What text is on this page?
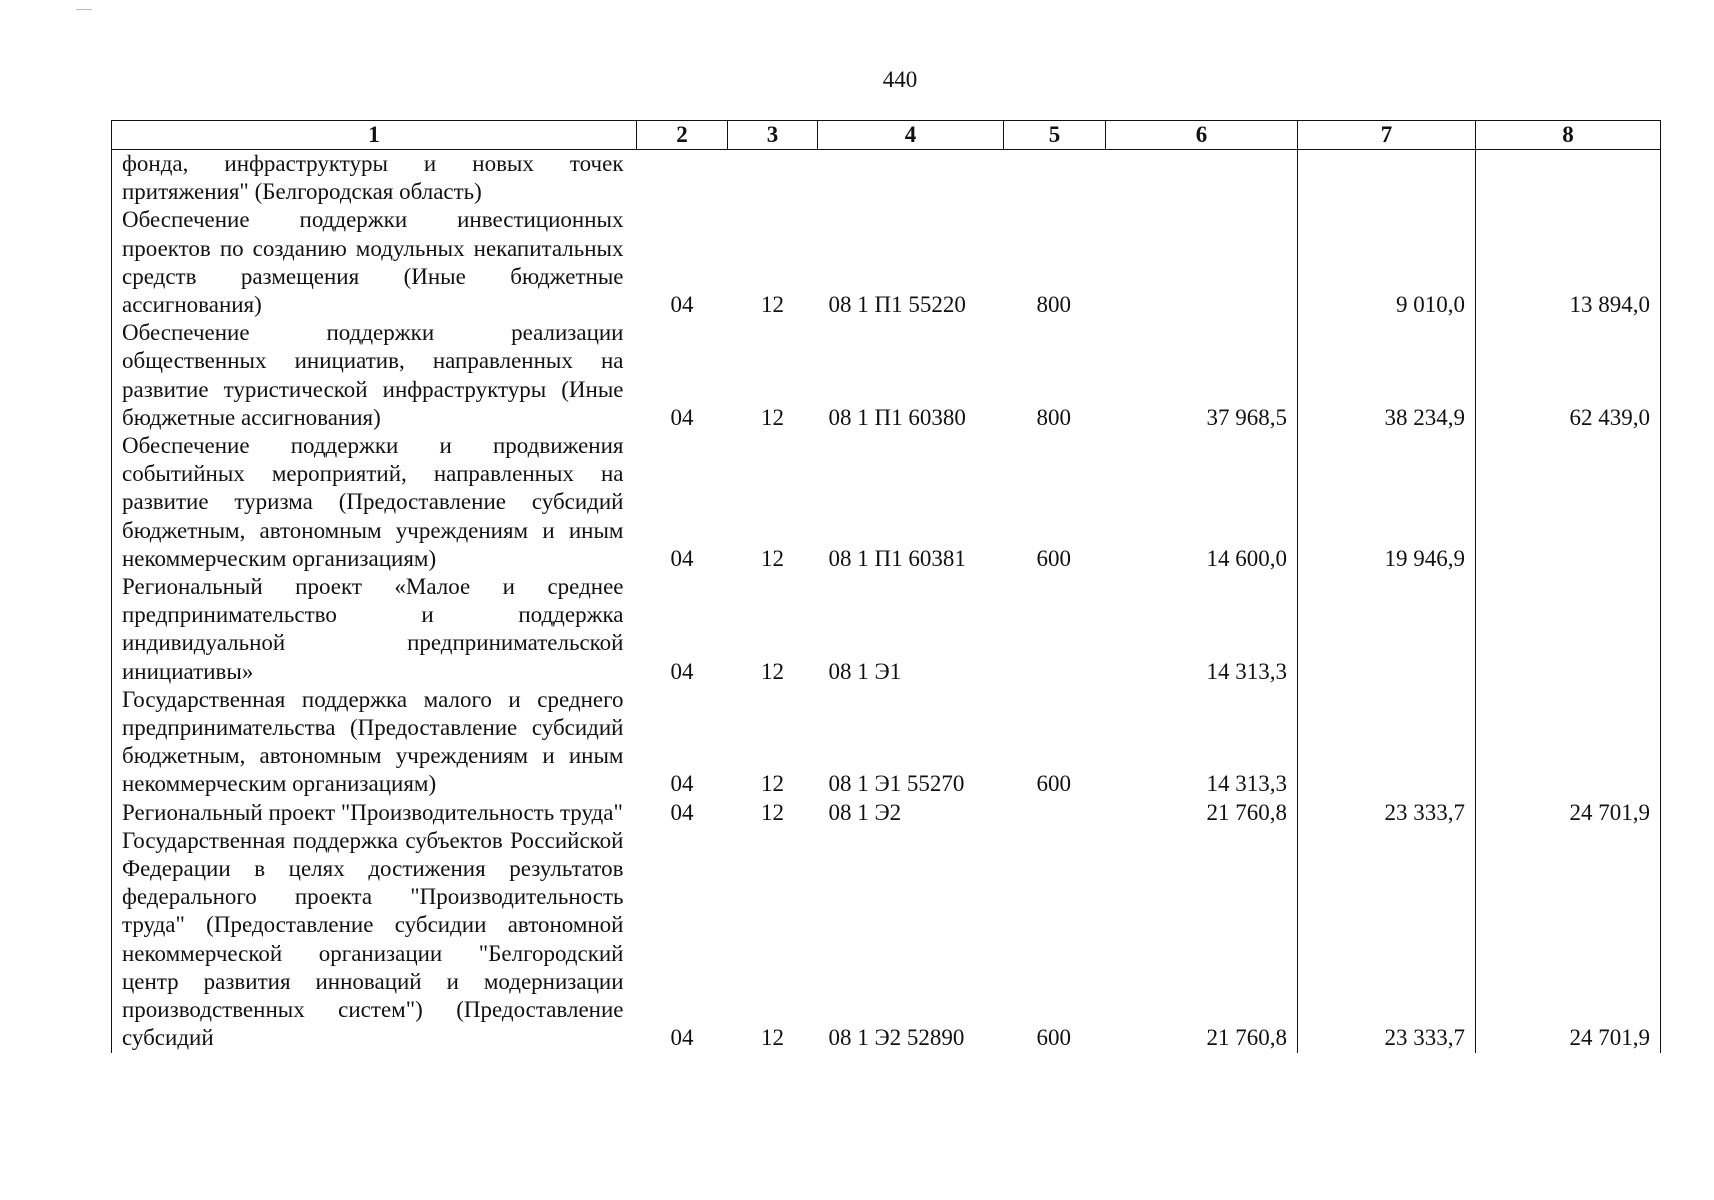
440
1	2	3	4	5	6	7	8
фонда, инфраструктуры и новых точек притяжения" (Белгородская область)							
Обеспечение поддержки инвестиционных проектов по созданию модульных некапитальных средств размещения (Иные бюджетные ассигнования)	04	12	08 1 П1 55220	800		9 010,0	13 894,0
Обеспечение поддержки реализации общественных инициатив, направленных на развитие туристической инфраструктуры (Иные бюджетные ассигнования)	04	12	08 1 П1 60380	800	37 968,5	38 234,9	62 439,0
Обеспечение поддержки и продвижения событийных мероприятий, направленных на развитие туризма (Предоставление субсидий бюджетным, автономным учреждениям и иным некоммерческим организациям)	04	12	08 1 П1 60381	600	14 600,0	19 946,9	
Региональный проект «Малое и среднее предпринимательство и поддержка индивидуальной предпринимательской инициативы»	04	12	08 1 Э1		14 313,3		
Государственная поддержка малого и среднего предпринимательства (Предоставление субсидий бюджетным, автономным учреждениям и иным некоммерческим организациям)	04	12	08 1 Э1 55270	600	14 313,3		
Региональный проект "Производительность труда"	04	12	08 1 Э2		21 760,8	23 333,7	24 701,9
Государственная поддержка субъектов Российской Федерации в целях достижения результатов федерального проекта "Производительность труда" (Предоставление субсидии автономной некоммерческой организации "Белгородский центр развития инноваций и модернизации производственных систем") (Предоставление субсидий	04	12	08 1 Э2 52890	600	21 760,8	23 333,7	24 701,9
